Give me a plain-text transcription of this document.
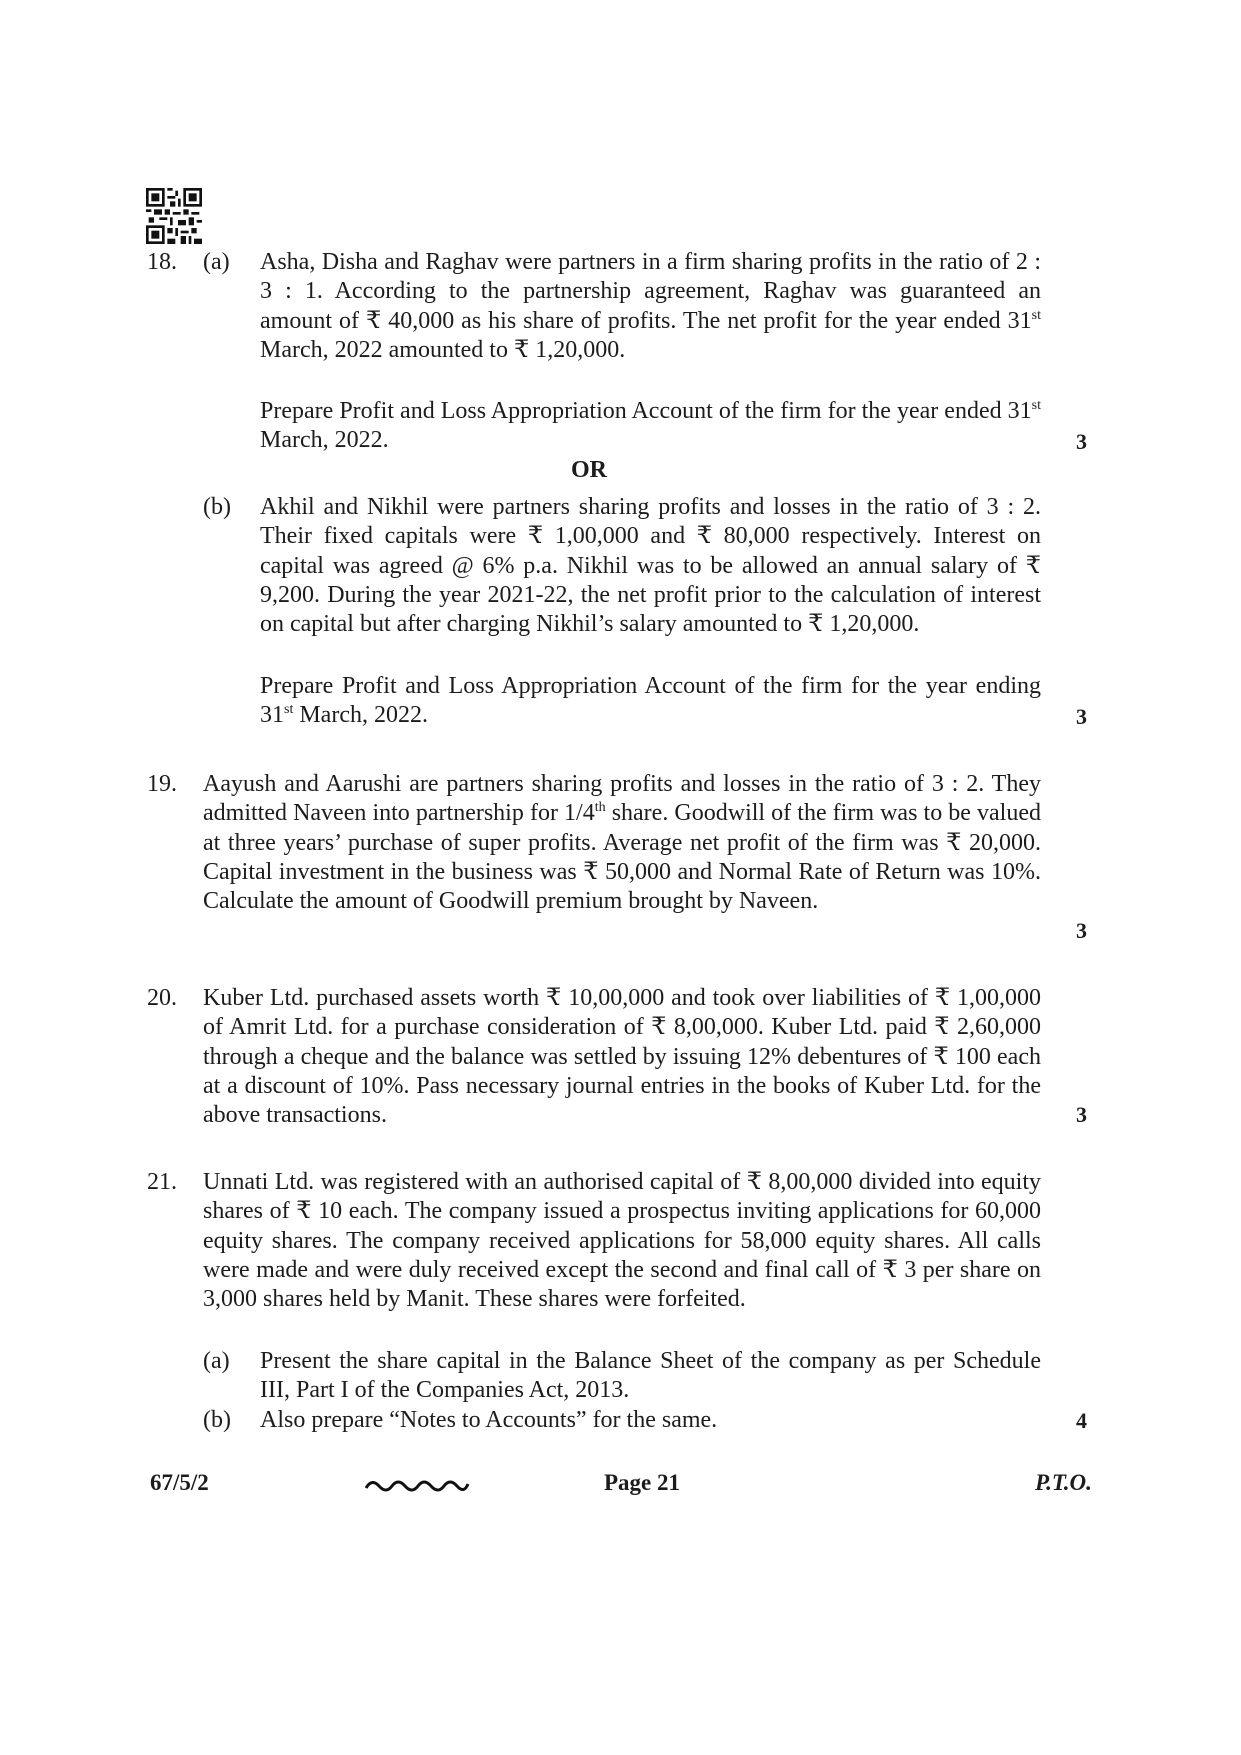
18. (a) Asha, Disha and Raghav were partners in a firm sharing profits in the ratio of 2 : 3 : 1. According to the partnership agreement, Raghav was guaranteed an amount of ₹ 40,000 as his share of profits. The net profit for the year ended 31st March, 2022 amounted to ₹ 1,20,000.

Prepare Profit and Loss Appropriation Account of the firm for the year ended 31st March, 2022.	3
OR
(b) Akhil and Nikhil were partners sharing profits and losses in the ratio of 3 : 2. Their fixed capitals were ₹ 1,00,000 and ₹ 80,000 respectively. Interest on capital was agreed @ 6% p.a. Nikhil was to be allowed an annual salary of ₹ 9,200. During the year 2021-22, the net profit prior to the calculation of interest on capital but after charging Nikhil’s salary amounted to ₹ 1,20,000.

Prepare Profit and Loss Appropriation Account of the firm for the year ending 31st March, 2022.	3
19. Aayush and Aarushi are partners sharing profits and losses in the ratio of 3 : 2. They admitted Naveen into partnership for 1/4th share. Goodwill of the firm was to be valued at three years’ purchase of super profits. Average net profit of the firm was ₹ 20,000. Capital investment in the business was ₹ 50,000 and Normal Rate of Return was 10%. Calculate the amount of Goodwill premium brought by Naveen.

3
20. Kuber Ltd. purchased assets worth ₹ 10,00,000 and took over liabilities of ₹ 1,00,000 of Amrit Ltd. for a purchase consideration of ₹ 8,00,000. Kuber Ltd. paid ₹ 2,60,000 through a cheque and the balance was settled by issuing 12% debentures of ₹ 100 each at a discount of 10%. Pass necessary journal entries in the books of Kuber Ltd. for the above transactions.	3
21. Unnati Ltd. was registered with an authorised capital of ₹ 8,00,000 divided into equity shares of ₹ 10 each. The company issued a prospectus inviting applications for 60,000 equity shares. The company received applications for 58,000 equity shares. All calls were made and were duly received except the second and final call of ₹ 3 per share on 3,000 shares held by Manit. These shares were forfeited.

(a) Present the share capital in the Balance Sheet of the company as per Schedule III, Part I of the Companies Act, 2013.

(b) Also prepare “Notes to Accounts” for the same.	4
67/5/2	Page 21	P.T.O.
